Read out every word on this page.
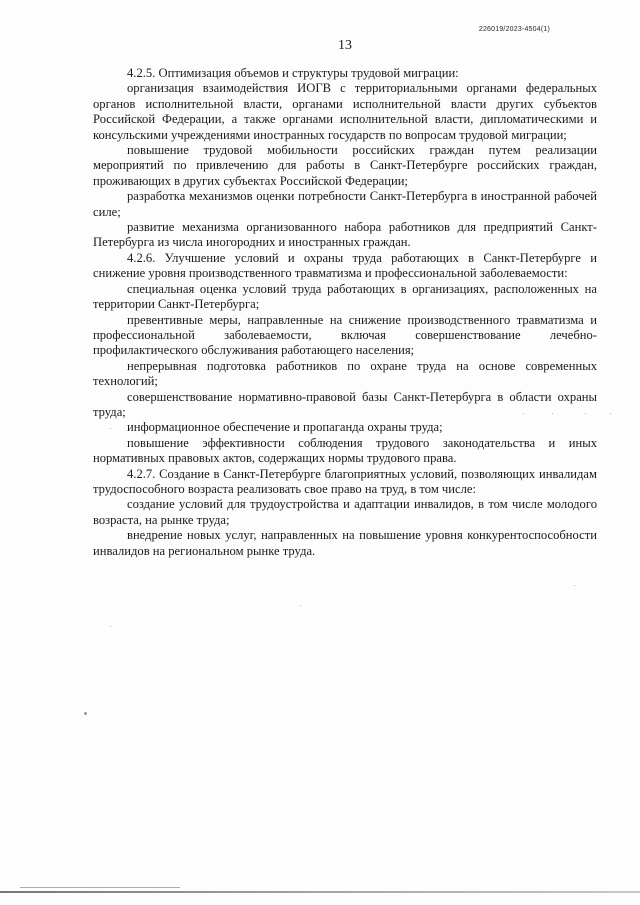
226019/2023-4504(1)
13

4.2.5. Оптимизация объемов и структуры трудовой миграции:

организация взаимодействия ИОГВ с территориальными органами федеральных органов исполнительной власти, органами исполнительной власти других субъектов Российской Федерации, а также органами исполнительной власти, дипломатическими и консульскими учреждениями иностранных государств по вопросам трудовой миграции;

повышение трудовой мобильности российских граждан путем реализации мероприятий по привлечению для работы в Санкт-Петербурге российских граждан, проживающих в других субъектах Российской Федерации;

разработка механизмов оценки потребности Санкт-Петербурга в иностранной рабочей силе;

развитие механизма организованного набора работников для предприятий Санкт-Петербурга из числа иногородних и иностранных граждан.

4.2.6. Улучшение условий и охраны труда работающих в Санкт-Петербурге и снижение уровня производственного травматизма и профессиональной заболеваемости:

специальная оценка условий труда работающих в организациях, расположенных на территории Санкт-Петербурга;

превентивные меры, направленные на снижение производственного травматизма и профессиональной заболеваемости, включая совершенствование лечебно-профилактического обслуживания работающего населения;

непрерывная подготовка работников по охране труда на основе современных технологий;

совершенствование нормативно-правовой базы Санкт-Петербурга в области охраны труда;

информационное обеспечение и пропаганда охраны труда;

повышение эффективности соблюдения трудового законодательства и иных нормативных правовых актов, содержащих нормы трудового права.

4.2.7. Создание в Санкт-Петербурге благоприятных условий, позволяющих инвалидам трудоспособного возраста реализовать свое право на труд, в том числе:

создание условий для трудоустройства и адаптации инвалидов, в том числе молодого возраста, на рынке труда;

внедрение новых услуг, направленных на повышение уровня конкурентоспособности инвалидов на региональном рынке труда.
